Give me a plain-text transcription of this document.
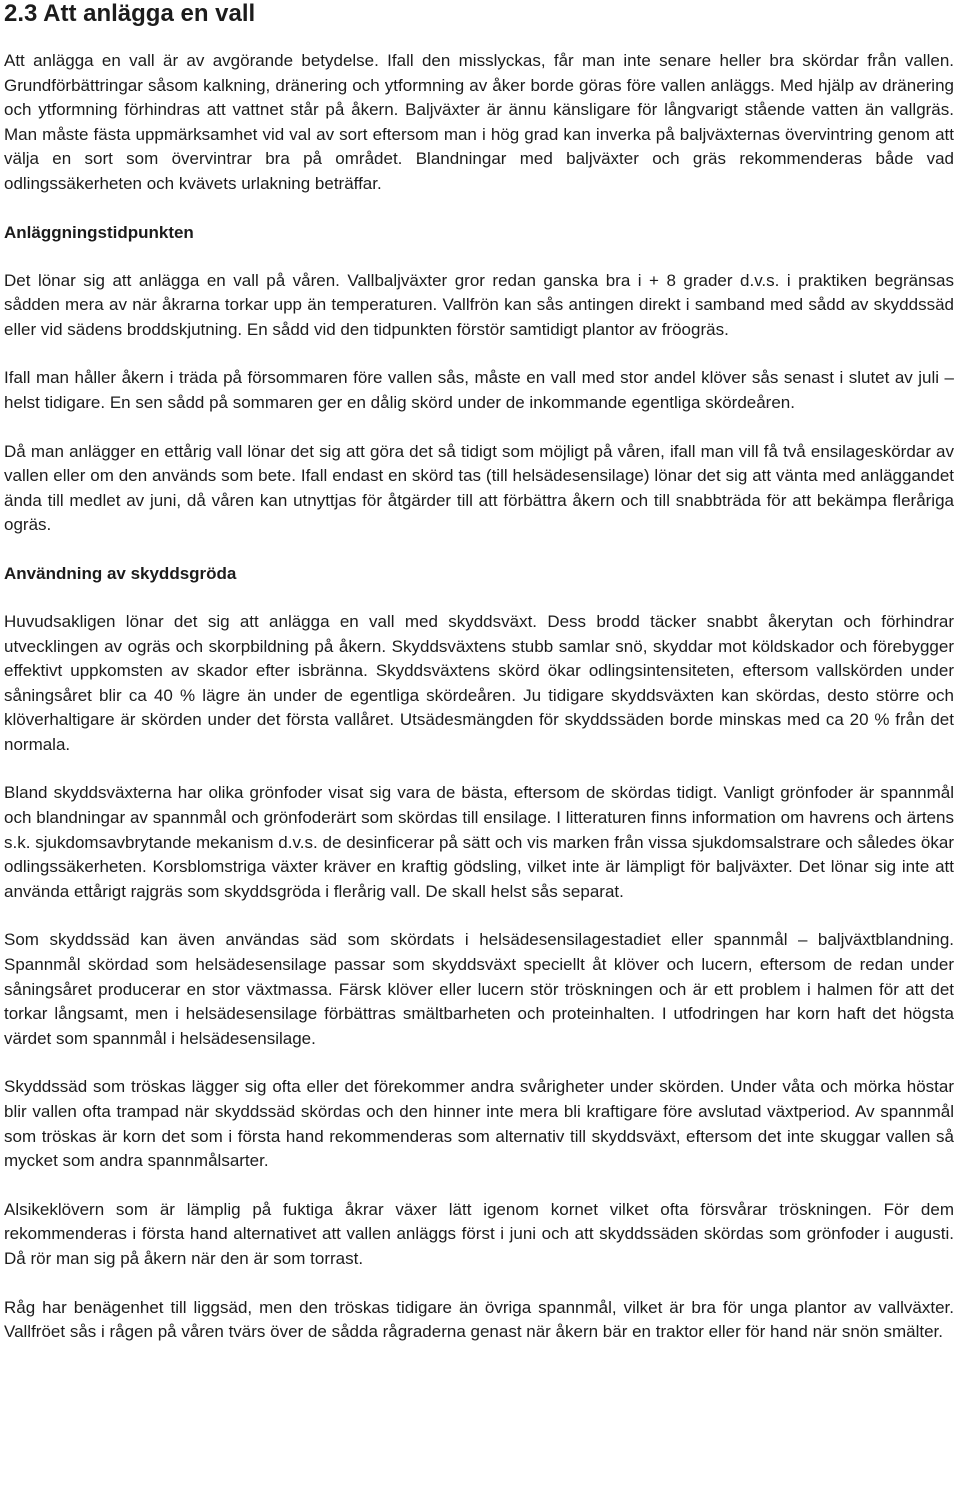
2.3 Att anlägga en vall

Att anlägga en vall är av avgörande betydelse. Ifall den misslyckas, får man inte senare heller bra skördar från vallen. Grundförbättringar såsom kalkning, dränering och ytformning av åker borde göras före vallen anläggs. Med hjälp av dränering och ytformning förhindras att vattnet står på åkern. Baljväxter är ännu känsligare för långvarigt stående vatten än vallgräs. Man måste fästa uppmärksamhet vid val av sort eftersom man i hög grad kan inverka på baljväxternas övervintring genom att välja en sort som övervintrar bra på området. Blandningar med baljväxter och gräs rekommenderas både vad odlingssäkerheten och kvävets urlakning beträffar.

Anläggningstidpunkten

Det lönar sig att anlägga en vall på våren. Vallbaljväxter gror redan ganska bra i + 8 grader d.v.s. i praktiken begränsas sådden mera av när åkrarna torkar upp än temperaturen. Vallfrön kan sås antingen direkt i samband med sådd av skyddssäd eller vid sädens broddskjutning. En sådd vid den tidpunkten förstör samtidigt plantor av fröogräs.

Ifall man håller åkern i träda på försommaren före vallen sås, måste en vall med stor andel klöver sås senast i slutet av juli – helst tidigare. En sen sådd på sommaren ger en dålig skörd under de inkommande egentliga skördeåren.

Då man anlägger en ettårig vall lönar det sig att göra det så tidigt som möjligt på våren, ifall man vill få två ensilageskördar av vallen eller om den används som bete. Ifall endast en skörd tas (till helsädesensilage) lönar det sig att vänta med anläggandet ända till medlet av juni, då våren kan utnyttjas för åtgärder till att förbättra åkern och till snabbträda för att bekämpa fleråriga ogräs.

Användning av skyddsgröda

Huvudsakligen lönar det sig att anlägga en vall med skyddsväxt. Dess brodd täcker snabbt åkerytan och förhindrar utvecklingen av ogräs och skorpbildning på åkern. Skyddsväxtens stubb samlar snö, skyddar mot köldskador och förebygger effektivt uppkomsten av skador efter isbränna. Skyddsväxtens skörd ökar odlingsintensiteten, eftersom vallskörden under såningsåret blir ca 40 % lägre än under de egentliga skördeåren. Ju tidigare skyddsväxten kan skördas, desto större och klöverhaltigare är skörden under det första vallåret. Utsädesmängden för skyddssäden borde minskas med ca 20 % från det normala.

Bland skyddsväxterna har olika grönfoder visat sig vara de bästa, eftersom de skördas tidigt. Vanligt grönfoder är spannmål och blandningar av spannmål och grönfoderärt som skördas till ensilage. I litteraturen finns information om havrens och ärtens s.k. sjukdomsavbrytande mekanism d.v.s. de desinficerar på sätt och vis marken från vissa sjukdomsalstrare och således ökar odlingssäkerheten. Korsblomstriga växter kräver en kraftig gödsling, vilket inte är lämpligt för baljväxter. Det lönar sig inte att använda ettårigt rajgräs som skyddsgröda i flerårig vall. De skall helst sås separat.

Som skyddssäd kan även användas säd som skördats i helsädesensilagestadiet eller spannmål – baljväxtblandning. Spannmål skördad som helsädesensilage passar som skyddsväxt speciellt åt klöver och lucern, eftersom de redan under såningsåret producerar en stor växtmassa. Färsk klöver eller lucern stör tröskningen och är ett problem i halmen för att det torkar långsamt, men i helsädesensilage förbättras smältbarheten och proteinhalten. I utfodringen har korn haft det högsta värdet som spannmål i helsädesensilage.

Skyddssäd som tröskas lägger sig ofta eller det förekommer andra svårigheter under skörden. Under våta och mörka höstar blir vallen ofta trampad när skyddssäd skördas och den hinner inte mera bli kraftigare före avslutad växtperiod. Av spannmål som tröskas är korn det som i första hand rekommenderas som alternativ till skyddsväxt, eftersom det inte skuggar vallen så mycket som andra spannmålsarter.

Alsikeklövern som är lämplig på fuktiga åkrar växer lätt igenom kornet vilket ofta försvårar tröskningen. För dem rekommenderas i första hand alternativet att vallen anläggs först i juni och att skyddssäden skördas som grönfoder i augusti. Då rör man sig på åkern när den är som torrast.

Råg har benägenhet till liggsäd, men den tröskas tidigare än övriga spannmål, vilket är bra för unga plantor av vallväxter. Vallfröet sås i rågen på våren tvärs över de sådda rågraderna genast när åkern bär en traktor eller för hand när snön smälter.
